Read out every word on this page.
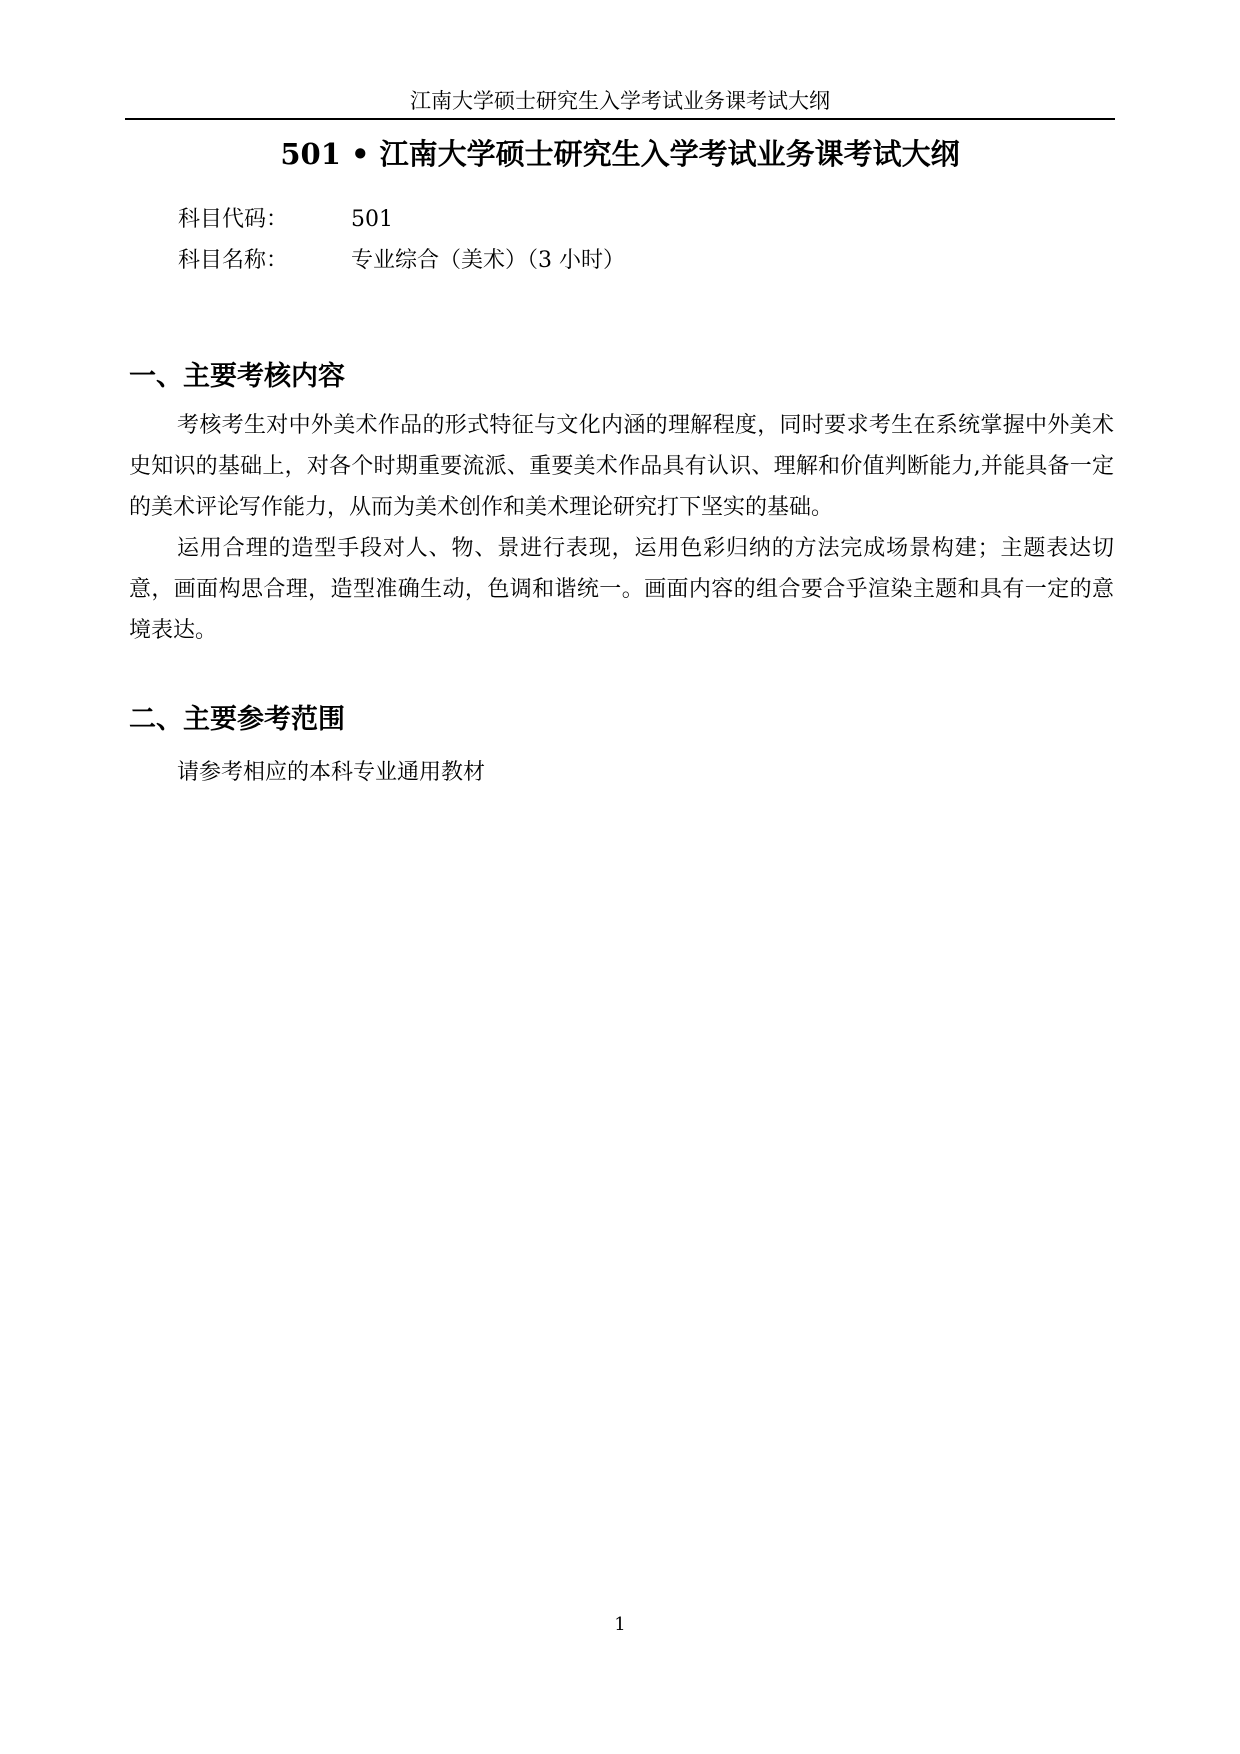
江南大学硕士研究生入学考试业务课考试大纲
501 • 江南大学硕士研究生入学考试业务课考试大纲
科目代码：	501
科目名称：	专业综合（美术）（3 小时）
一、主要考核内容
考核考生对中外美术作品的形式特征与文化内涵的理解程度，同时要求考生在系统掌握中外美术史知识的基础上，对各个时期重要流派、重要美术作品具有认识、理解和价值判断能力,并能具备一定的美术评论写作能力，从而为美术创作和美术理论研究打下坚实的基础。
运用合理的造型手段对人、物、景进行表现，运用色彩归纳的方法完成场景构建；主题表达切意，画面构思合理，造型准确生动，色调和谐统一。画面内容的组合要合乎渲染主题和具有一定的意境表达。
二、主要参考范围
请参考相应的本科专业通用教材
1
